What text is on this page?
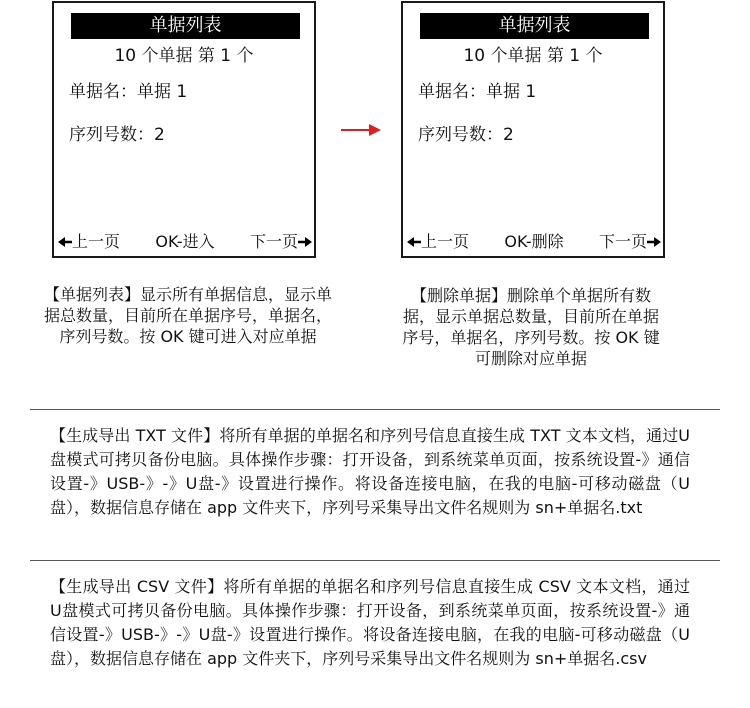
单据列表
10 个单据 第 1 个
单据名：单据 1
序列号数：2
上一页	OK-进入	下一页
单据列表
10 个单据 第 1 个
单据名：单据 1
序列号数：2
上一页	OK-删除	下一页
【单据列表】显示所有单据信息，显示单据总数量，目前所在单据序号，单据名，序列号数。按 OK 键可进入对应单据
【删除单据】删除单个单据所有数据，显示单据总数量，目前所在单据序号，单据名，序列号数。按 OK 键可删除对应单据
【生成导出 TXT 文件】将所有单据的单据名和序列号信息直接生成 TXT 文本文档，通过U盘模式可拷贝备份电脑。具体操作步骤：打开设备，到系统菜单页面，按系统设置-》通信设置-》USB-》-》U盘-》设置进行操作。将设备连接电脑，在我的电脑-可移动磁盘（U盘），数据信息存储在 app 文件夹下，序列号采集导出文件名规则为 sn+单据名.txt
【生成导出 CSV 文件】将所有单据的单据名和序列号信息直接生成 CSV 文本文档，通过U盘模式可拷贝备份电脑。具体操作步骤：打开设备，到系统菜单页面，按系统设置-》通信设置-》USB-》-》U盘-》设置进行操作。将设备连接电脑，在我的电脑-可移动磁盘（U盘），数据信息存储在 app 文件夹下，序列号采集导出文件名规则为 sn+单据名.csv
